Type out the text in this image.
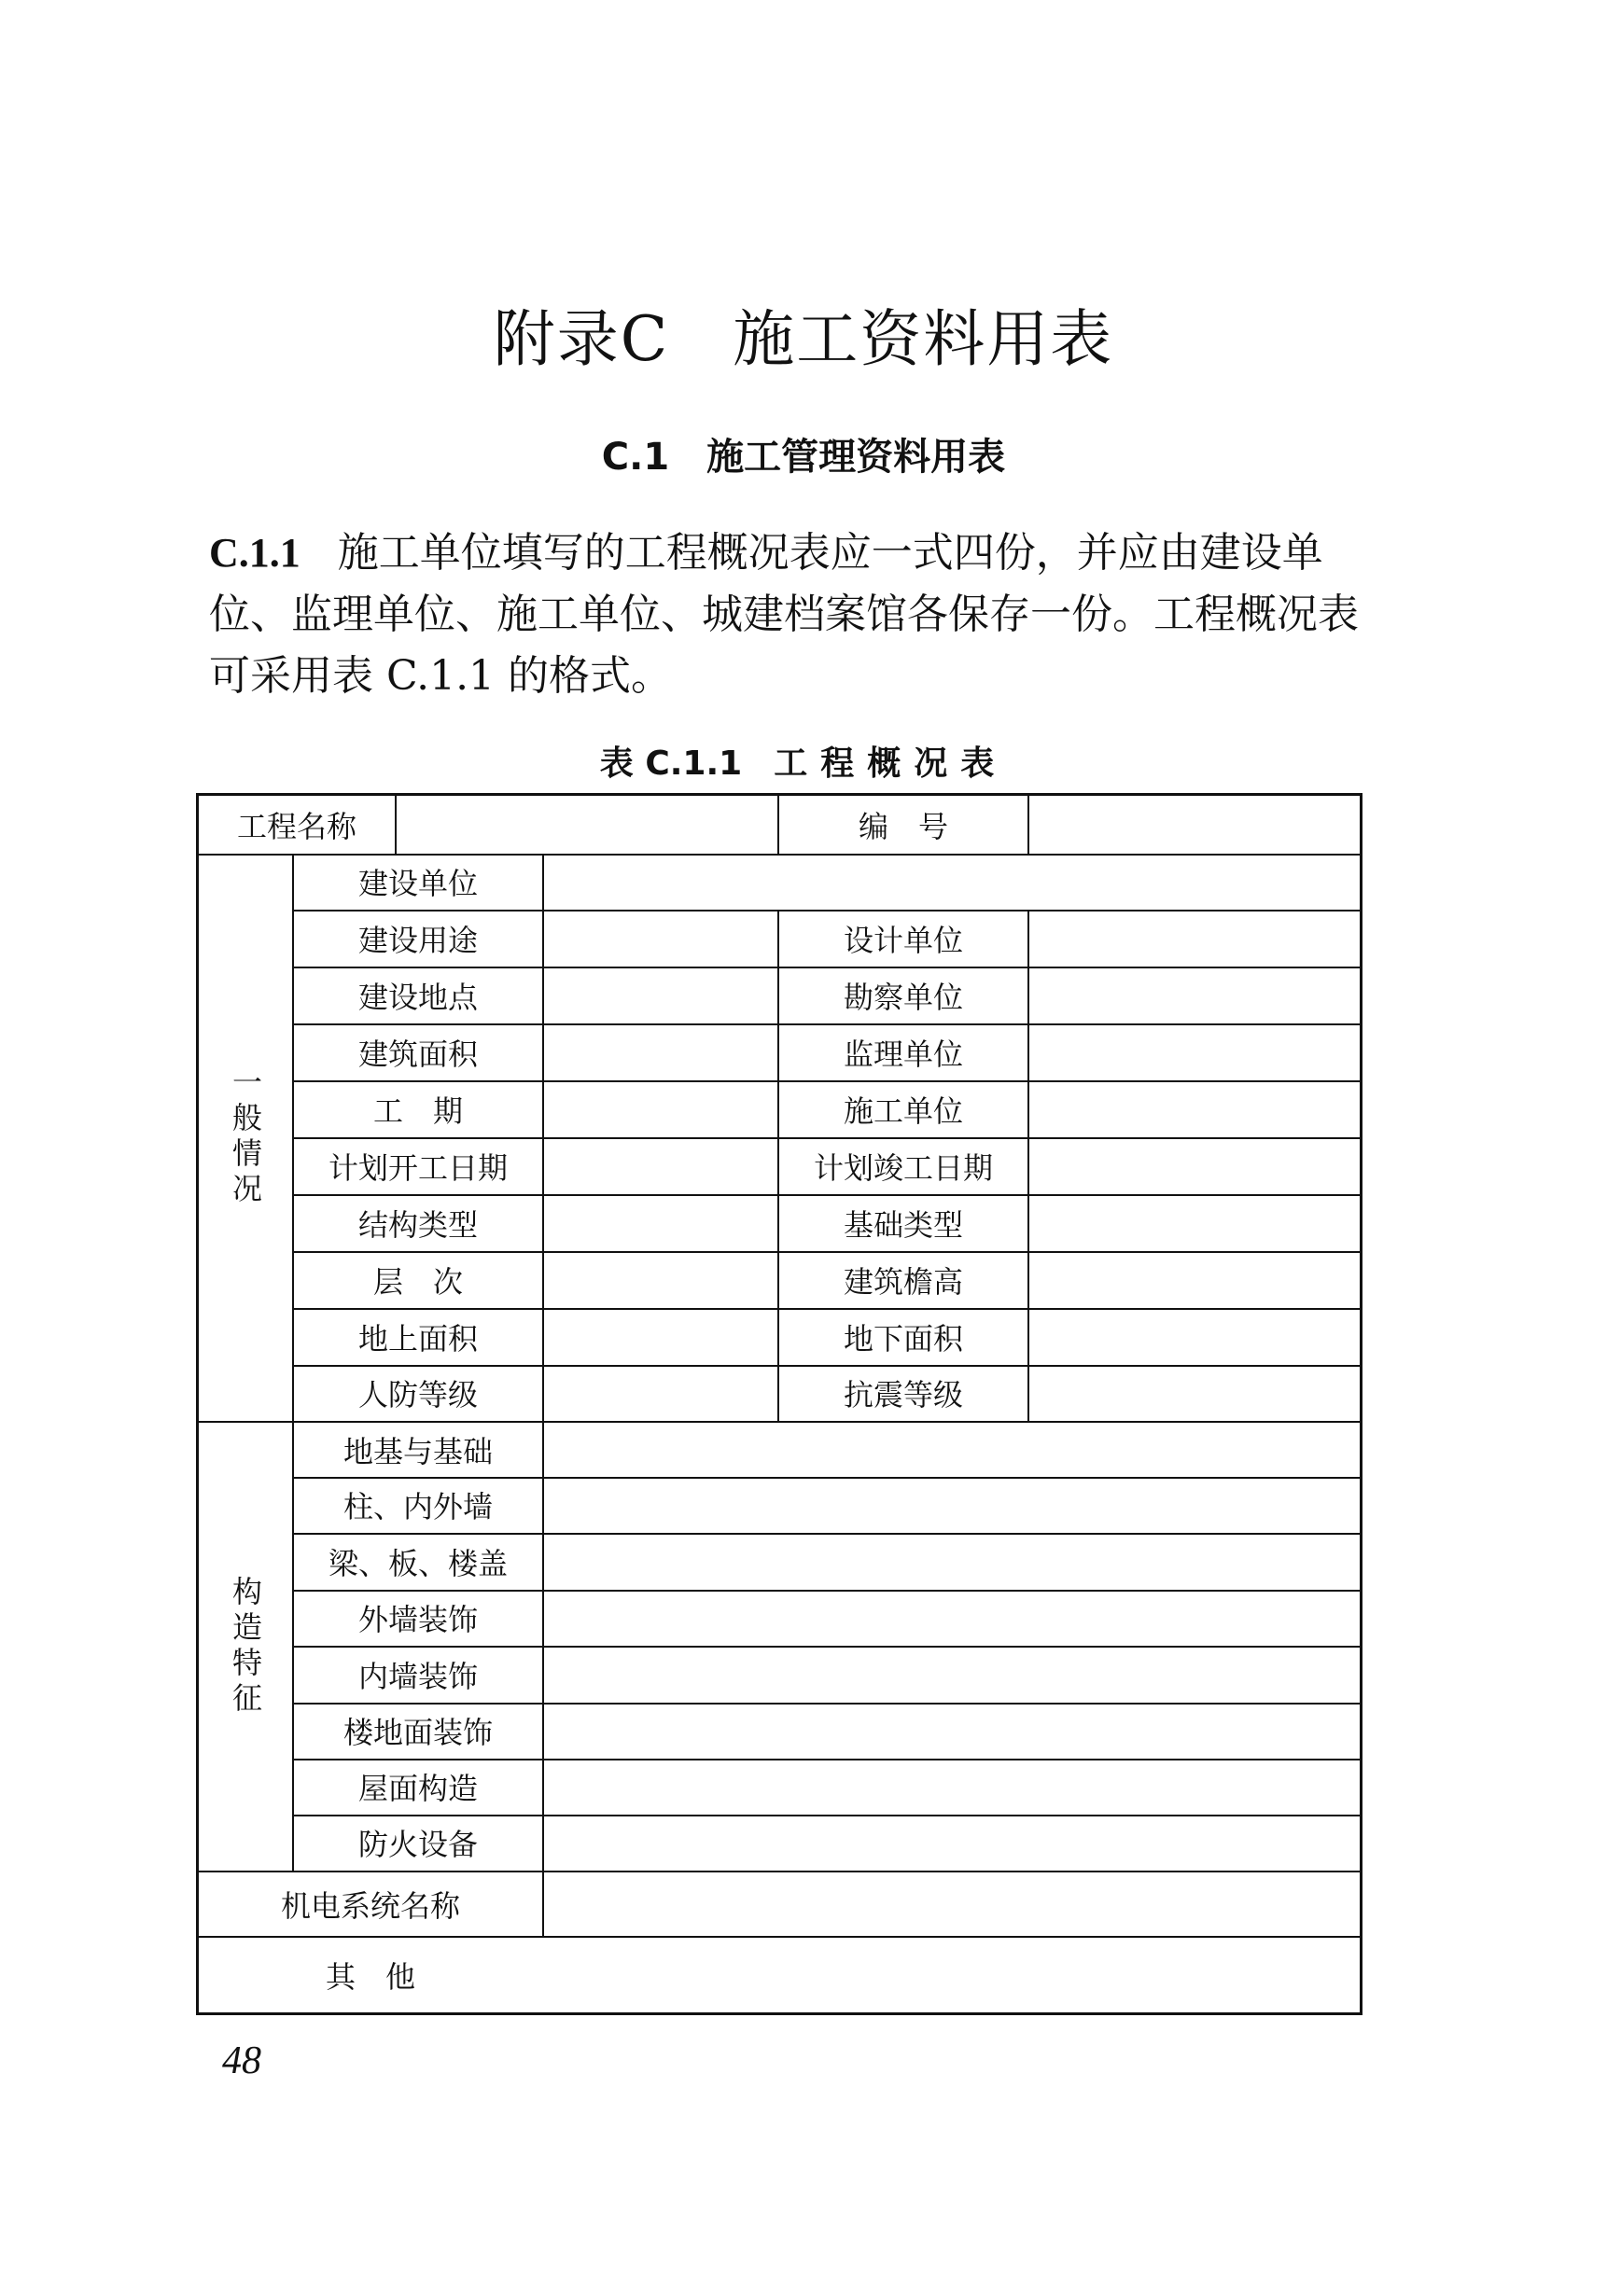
附录C　施工资料用表
C.1　施工管理资料用表
C.1.1 施工单位填写的工程概况表应一式四份，并应由建设单位、监理单位、施工单位、城建档案馆各保存一份。工程概况表可采用表 C.1.1 的格式。
表 C.1.1 工程概况表
工程名称	编　号
一般情况
建设单位
建设用途	设计单位
建设地点	勘察单位
建筑面积	监理单位
工　期	施工单位
计划开工日期	计划竣工日期
结构类型	基础类型
层　次	建筑檐高
地上面积	地下面积
人防等级	抗震等级
构造特征
地基与基础
柱、内外墙
梁、板、楼盖
外墙装饰
内墙装饰
楼地面装饰
屋面构造
防火设备
机电系统名称
其　他
48
